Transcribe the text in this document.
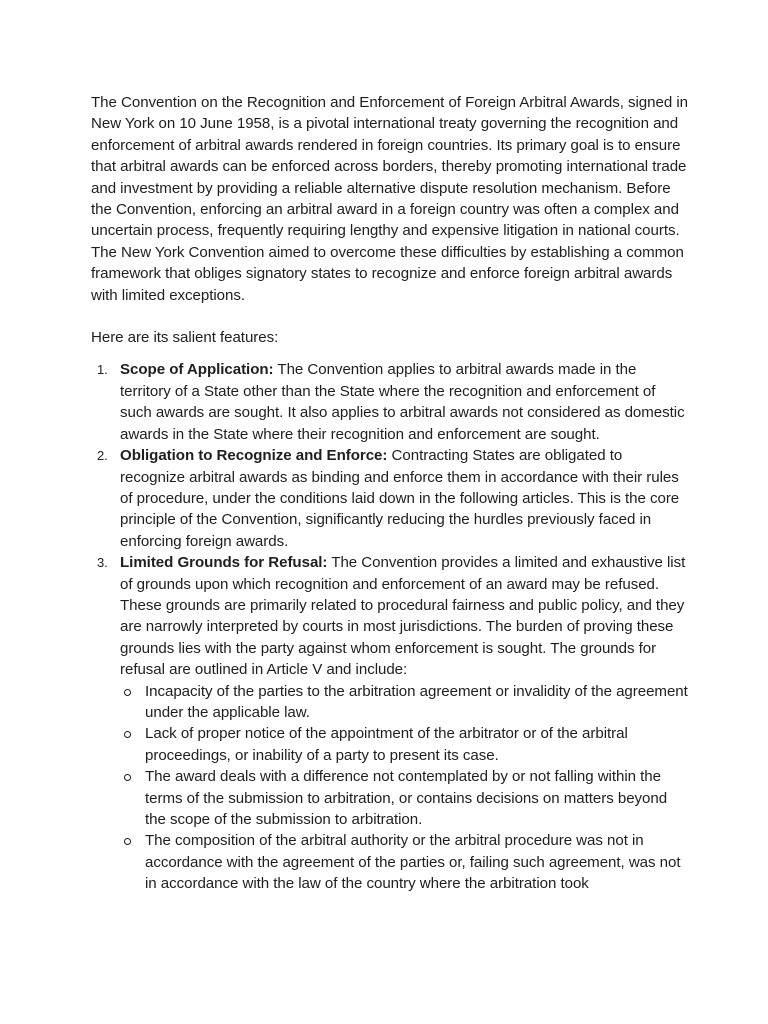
The Convention on the Recognition and Enforcement of Foreign Arbitral Awards, signed in New York on 10 June 1958, is a pivotal international treaty governing the recognition and enforcement of arbitral awards rendered in foreign countries. Its primary goal is to ensure that arbitral awards can be enforced across borders, thereby promoting international trade and investment by providing a reliable alternative dispute resolution mechanism. Before the Convention, enforcing an arbitral award in a foreign country was often a complex and uncertain process, frequently requiring lengthy and expensive litigation in national courts. The New York Convention aimed to overcome these difficulties by establishing a common framework that obliges signatory states to recognize and enforce foreign arbitral awards with limited exceptions.

Here are its salient features:

1. Scope of Application: The Convention applies to arbitral awards made in the territory of a State other than the State where the recognition and enforcement of such awards are sought. It also applies to arbitral awards not considered as domestic awards in the State where their recognition and enforcement are sought.
2. Obligation to Recognize and Enforce: Contracting States are obligated to recognize arbitral awards as binding and enforce them in accordance with their rules of procedure, under the conditions laid down in the following articles. This is the core principle of the Convention, significantly reducing the hurdles previously faced in enforcing foreign awards.
3. Limited Grounds for Refusal: The Convention provides a limited and exhaustive list of grounds upon which recognition and enforcement of an award may be refused. These grounds are primarily related to procedural fairness and public policy, and they are narrowly interpreted by courts in most jurisdictions. The burden of proving these grounds lies with the party against whom enforcement is sought. The grounds for refusal are outlined in Article V and include:
Incapacity of the parties to the arbitration agreement or invalidity of the agreement under the applicable law.
Lack of proper notice of the appointment of the arbitrator or of the arbitral proceedings, or inability of a party to present its case.
The award deals with a difference not contemplated by or not falling within the terms of the submission to arbitration, or contains decisions on matters beyond the scope of the submission to arbitration.
The composition of the arbitral authority or the arbitral procedure was not in accordance with the agreement of the parties or, failing such agreement, was not in accordance with the law of the country where the arbitration took
